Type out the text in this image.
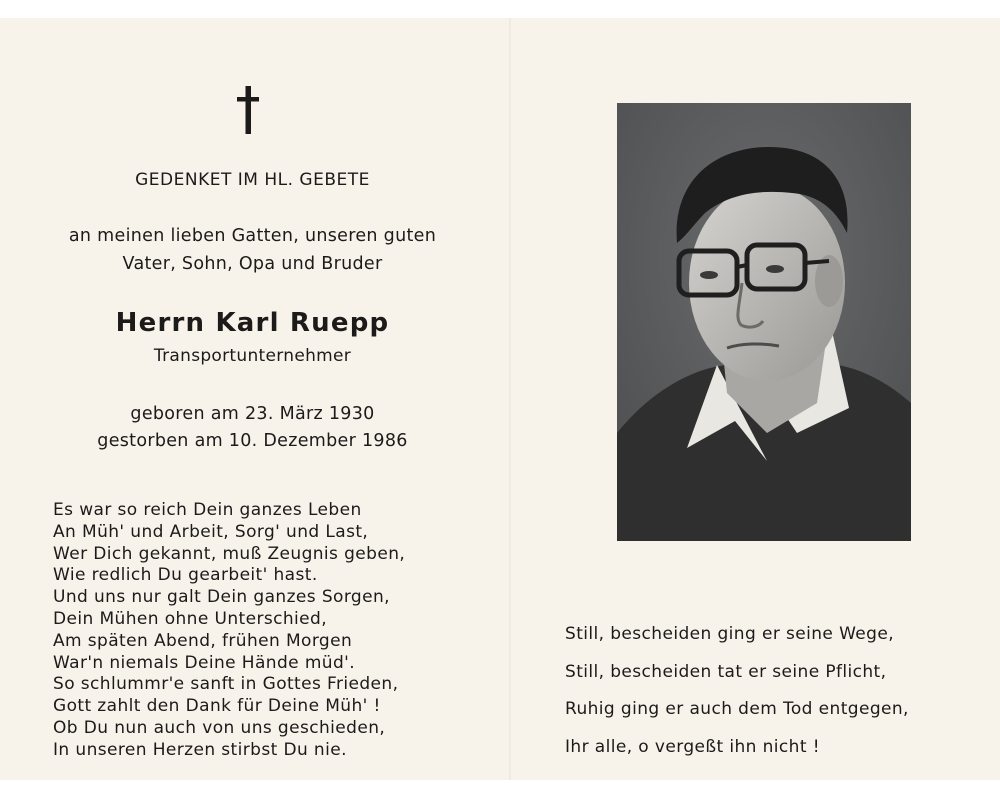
GEDENKET IM HL. GEBETE
an meinen lieben Gatten, unseren guten
Vater, Sohn, Opa und Bruder
Herrn Karl Ruepp
Transportunternehmer
geboren am 23. März 1930
gestorben am 10. Dezember 1986
Es war so reich Dein ganzes Leben
An Müh' und Arbeit, Sorg' und Last,
Wer Dich gekannt, muß Zeugnis geben,
Wie redlich Du gearbeit' hast.
Und uns nur galt Dein ganzes Sorgen,
Dein Mühen ohne Unterschied,
Am späten Abend, frühen Morgen
War'n niemals Deine Hände müd'.
So schlummr'e sanft in Gottes Frieden,
Gott zahlt den Dank für Deine Müh' !
Ob Du nun auch von uns geschieden,
In unseren Herzen stirbst Du nie.
Still, bescheiden ging er seine Wege,
Still, bescheiden tat er seine Pflicht,
Ruhig ging er auch dem Tod entgegen,
Ihr alle, o vergeßt ihn nicht !
